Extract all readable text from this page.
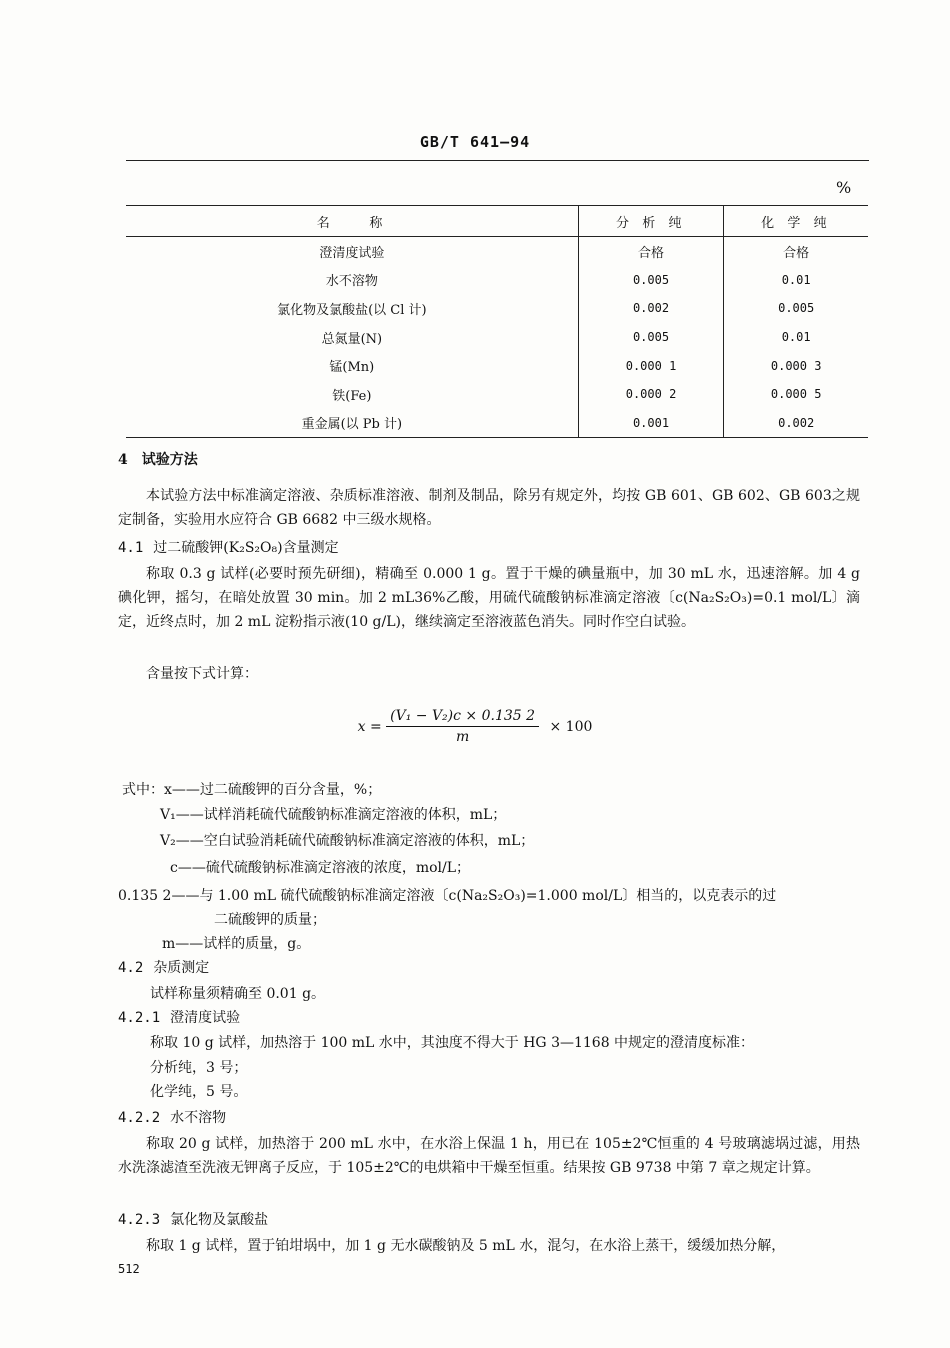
GB/T 641—94
%
名　　称	分 析 纯	化 学 纯
澄清度试验	合格	合格
水不溶物	0.005	0.01
氯化物及氯酸盐(以 Cl 计)	0.002	0.005
总氮量(N)	0.005	0.01
锰(Mn)	0.000 1	0.000 3
铁(Fe)	0.000 2	0.000 5
重金属(以 Pb 计)	0.001	0.002
4　试验方法
本试验方法中标准滴定溶液、杂质标准溶液、制剂及制品，除另有规定外，均按 GB 601、GB 602、GB 603之规定制备，实验用水应符合 GB 6682 中三级水规格。
4.1 过二硫酸钾(K₂S₂O₈)含量测定
称取 0.3 g 试样(必要时预先研细)，精确至 0.000 1 g。置于干燥的碘量瓶中，加 30 mL 水，迅速溶解。加 4 g 碘化钾，摇匀，在暗处放置 30 min。加 2 mL36%乙酸，用硫代硫酸钠标准滴定溶液〔c(Na₂S₂O₃)=0.1 mol/L〕滴定，近终点时，加 2 mL 淀粉指示液(10 g/L)，继续滴定至溶液蓝色消失。同时作空白试验。
含量按下式计算：
$x = \frac{\text{(V₁ − V₂)c × 0.135 2}}{m} \times 100$
式中：x——过二硫酸钾的百分含量，%；
V₁——试样消耗硫代硫酸钠标准滴定溶液的体积，mL；
V₂——空白试验消耗硫代硫酸钠标准滴定溶液的体积，mL；
c——硫代硫酸钠标准滴定溶液的浓度，mol/L；
0.135 2——与 1.00 mL 硫代硫酸钠标准滴定溶液〔c(Na₂S₂O₃)=1.000 mol/L〕相当的，以克表示的过
二硫酸钾的质量；
m——试样的质量，g。
4.2 杂质测定
试样称量须精确至 0.01 g。
4.2.1 澄清度试验
称取 10 g 试样，加热溶于 100 mL 水中，其浊度不得大于 HG 3—1168 中规定的澄清度标准：
分析纯，3 号；
化学纯，5 号。
4.2.2 水不溶物
称取 20 g 试样，加热溶于 200 mL 水中，在水浴上保温 1 h，用已在 105±2℃恒重的 4 号玻璃滤埚过滤，用热水洗涤滤渣至洗液无钾离子反应，于 105±2℃的电烘箱中干燥至恒重。结果按 GB 9738 中第 7 章之规定计算。
4.2.3 氯化物及氯酸盐
称取 1 g 试样，置于铂坩埚中，加 1 g 无水碳酸钠及 5 mL 水，混匀，在水浴上蒸干，缓缓加热分解，
512
